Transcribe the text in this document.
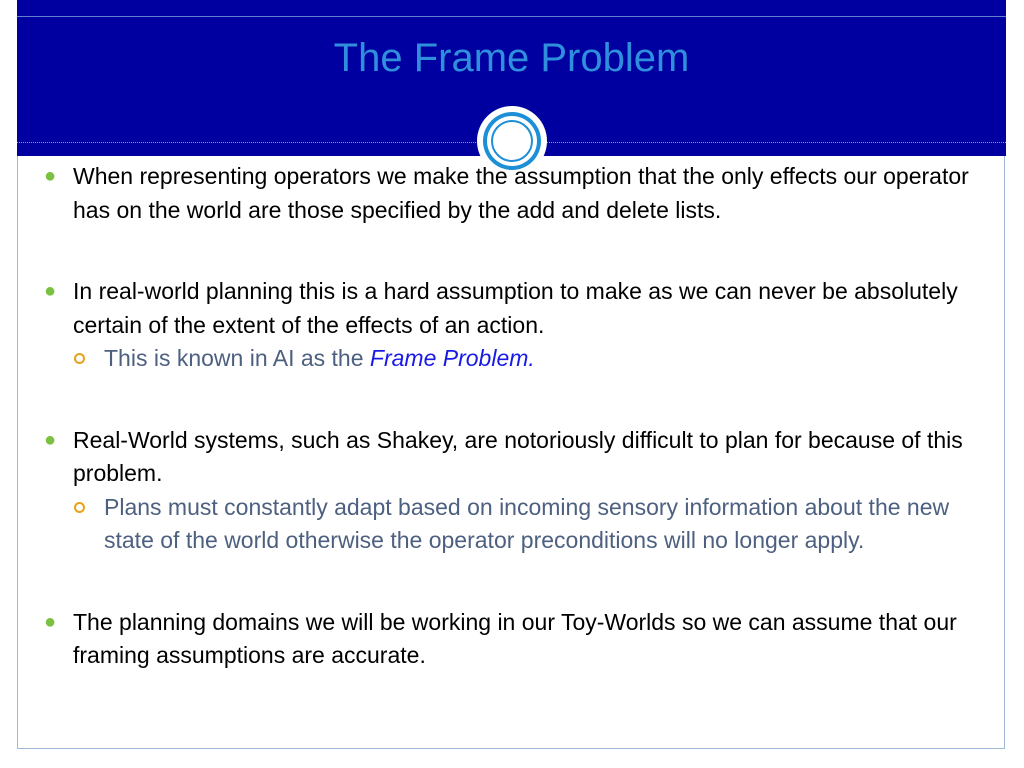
The Frame Problem

● When representing operators we make the assumption that the only effects our operator has on the world are those specified by the add and delete lists.

● In real-world planning this is a hard assumption to make as we can never be absolutely certain of the extent of the effects of an action.

This is known in AI as the Frame Problem.

● Real-World systems, such as Shakey, are notoriously difficult to plan for because of this problem.

Plans must constantly adapt based on incoming sensory information about the new state of the world otherwise the operator preconditions will no longer apply.

● The planning domains we will be working in our Toy-Worlds so we can assume that our framing assumptions are accurate.
